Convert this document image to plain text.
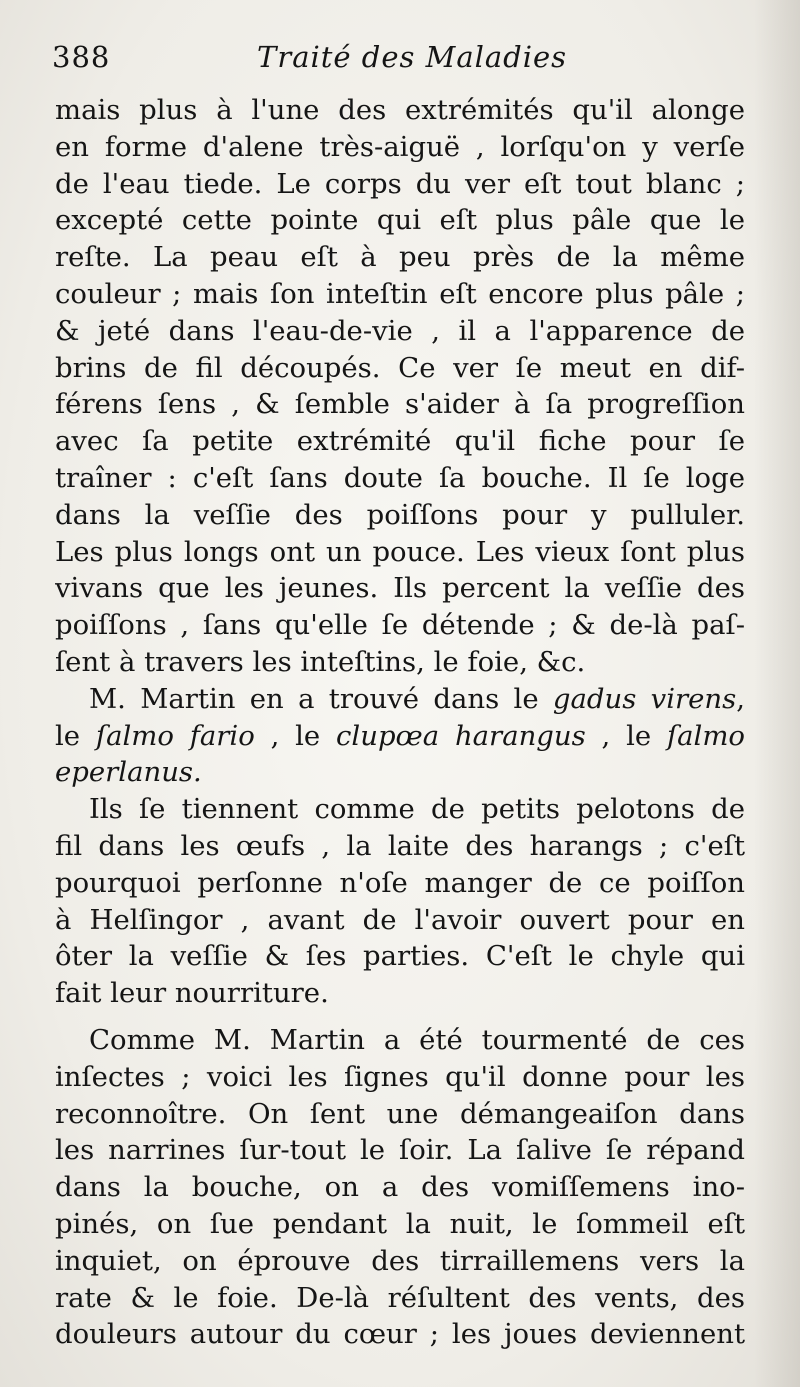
388	Traité des Maladies
mais plus à l'une des extrémités qu'il alonge
en forme d'alene très-aiguë , lorſqu'on y verſe
de l'eau tiede. Le corps du ver eſt tout blanc ;
excepté cette pointe qui eſt plus pâle que le
reſte. La peau eſt à peu près de la même
couleur ; mais ſon inteſtin eſt encore plus pâle ;
& jeté dans l'eau-de-vie , il a l'apparence de
brins de fil découpés. Ce ver ſe meut en dif-
férens ſens , & ſemble s'aider à ſa progreſſion
avec ſa petite extrémité qu'il fiche pour ſe
traîner : c'eſt ſans doute ſa bouche. Il ſe loge
dans la veſſie des poiſſons pour y pulluler.
Les plus longs ont un pouce. Les vieux ſont plus
vivans que les jeunes. Ils percent la veſſie des
poiſſons , ſans qu'elle ſe détende ; & de-là paſ-
ſent à travers les inteſtins, le foie, &c.
M. Martin en a trouvé dans le gadus virens,
le ſalmo fario , le clupœa harangus , le ſalmo
eperlanus.
Ils ſe tiennent comme de petits pelotons de
fil dans les œufs , la laite des harangs ; c'eſt
pourquoi perſonne n'oſe manger de ce poiſſon
à Helſingor , avant de l'avoir ouvert pour en
ôter la veſſie & ſes parties. C'eſt le chyle qui
fait leur nourriture.
Comme M. Martin a été tourmenté de ces
inſectes ; voici les ſignes qu'il donne pour les
reconnoître. On ſent une démangeaiſon dans
les narrines ſur-tout le ſoir. La ſalive ſe répand
dans la bouche, on a des vomiſſemens ino-
pinés, on ſue pendant la nuit, le ſommeil eſt
inquiet, on éprouve des tirraillemens vers la
rate & le foie. De-là réſultent des vents, des
douleurs autour du cœur ; les joues deviennent
